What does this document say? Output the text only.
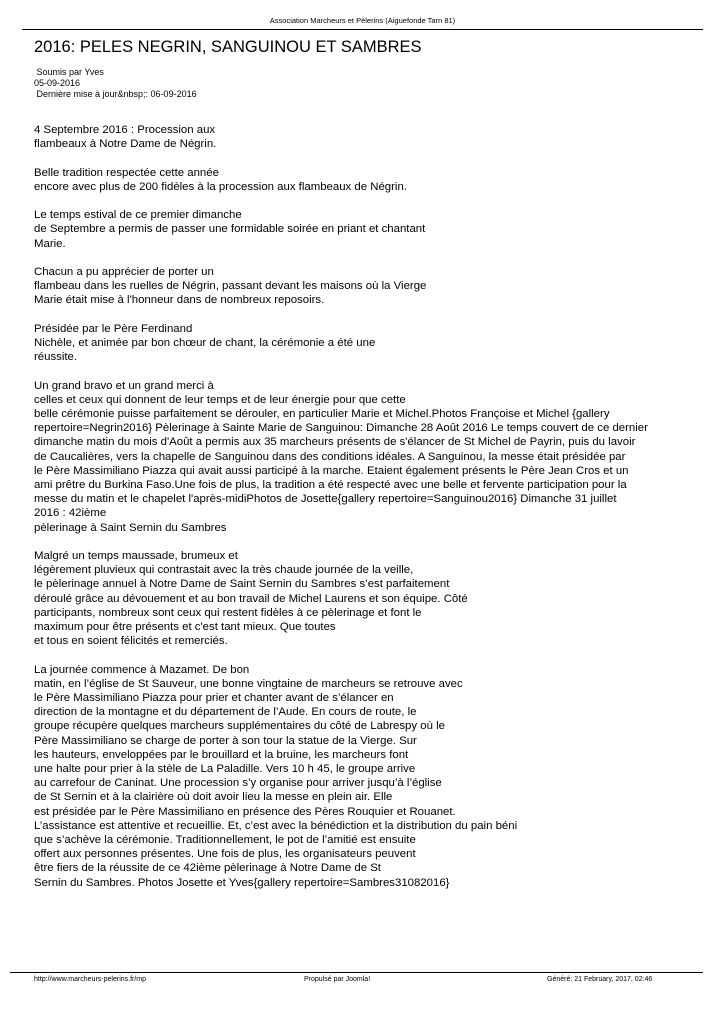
Association Marcheurs et Pèlerins (Aiguefonde Tarn 81)
2016: PELES NEGRIN, SANGUINOU ET SAMBRES
Soumis par Yves
05-09-2016
Dernière mise à jour&nbsp;: 06-09-2016

4 Septembre 2016 : Procession aux
flambeaux à Notre Dame de Négrin.

Belle tradition respectée cette année
encore avec plus de 200 fidèles à la procession aux flambeaux de Négrin.

Le temps estival de ce premier dimanche
de Septembre a permis de passer une formidable soirée en priant et chantant
Marie.

Chacun a pu apprécier de porter un
flambeau dans les ruelles de Négrin, passant devant les maisons où la Vierge
Marie était mise à l'honneur dans de nombreux reposoirs.

Présidée par le Père Ferdinand
Nichèle, et animée par bon chœur de chant, la cérémonie a été une
réussite.

Un grand bravo et un grand merci à
celles et ceux qui donnent de leur temps et de leur énergie pour que cette
belle cérémonie puisse parfaitement se dérouler, en particulier Marie et Michel.Photos Françoise et Michel {gallery
repertoire=Negrin2016} Pèlerinage à Sainte Marie de Sanguinou: Dimanche 28 Août 2016 Le temps couvert de ce dernier
dimanche matin du mois d'Août a permis aux 35 marcheurs présents de s'élancer de St Michel de Payrin, puis du lavoir
de Caucalières, vers la chapelle de Sanguinou dans des conditions idéales. A Sanguinou, la messe était présidée par
le Père Massimiliano Piazza qui avait aussi participé à la marche. Etaient également présents le Père Jean Cros et un
ami prêtre du Burkina Faso.Une fois de plus, la tradition a été respecté avec une belle et fervente participation pour la
messe du matin et le chapelet l'après-midiPhotos de Josette{gallery repertoire=Sanguinou2016} Dimanche 31 juillet
2016 : 42ième
pèlerinage à Saint Sernin du Sambres

Malgré un temps maussade, brumeux et
légèrement pluvieux qui contrastait avec la très chaude journée de la veille,
le pèlerinage annuel à Notre Dame de Saint Sernin du Sambres s’est parfaitement
déroulé grâce au dévouement et au bon travail de Michel Laurens et son équipe. Côté
participants, nombreux sont ceux qui restent fidèles à ce pèlerinage et font le
maximum pour être présents et c'est tant mieux. Que toutes
et tous en soient félicités et remerciés.

La journée commence à Mazamet. De bon
matin, en l’église de St Sauveur, une bonne vingtaine de marcheurs se retrouve avec
le Père Massimiliano Piazza pour prier et chanter avant de s’élancer en
direction de la montagne et du département de l’Aude. En cours de route, le
groupe récupère quelques marcheurs supplémentaires du côté de Labrespy où le
Père Massimiliano se charge de porter à son tour la statue de la Vierge. Sur
les hauteurs, enveloppées par le brouillard et la bruine, les marcheurs font
une halte pour prier à la stèle de La Paladille. Vers 10 h 45, le groupe arrive
au carrefour de Caninat. Une procession s’y organise pour arriver jusqu’à l’église
de St Sernin et à la clairière où doit avoir lieu la messe en plein air. Elle
est présidée par le Père Massimiliano en présence des Pères Rouquier et Rouanet.
L’assistance est attentive et recueillie. Et, c’est avec la bénédiction et la distribution du pain béni
que s’achève la cérémonie. Traditionnellement, le pot de l’amitié est ensuite
offert aux personnes présentes. Une fois de plus, les organisateurs peuvent
être fiers de la réussite de ce 42ième pèlerinage à Notre Dame de St
Sernin du Sambres. Photos Josette et Yves{gallery repertoire=Sambres31082016}

http://www.marcheurs-pelerins.fr/mp	Propulsé par Joomla!	Généré: 21 February, 2017, 02:46
